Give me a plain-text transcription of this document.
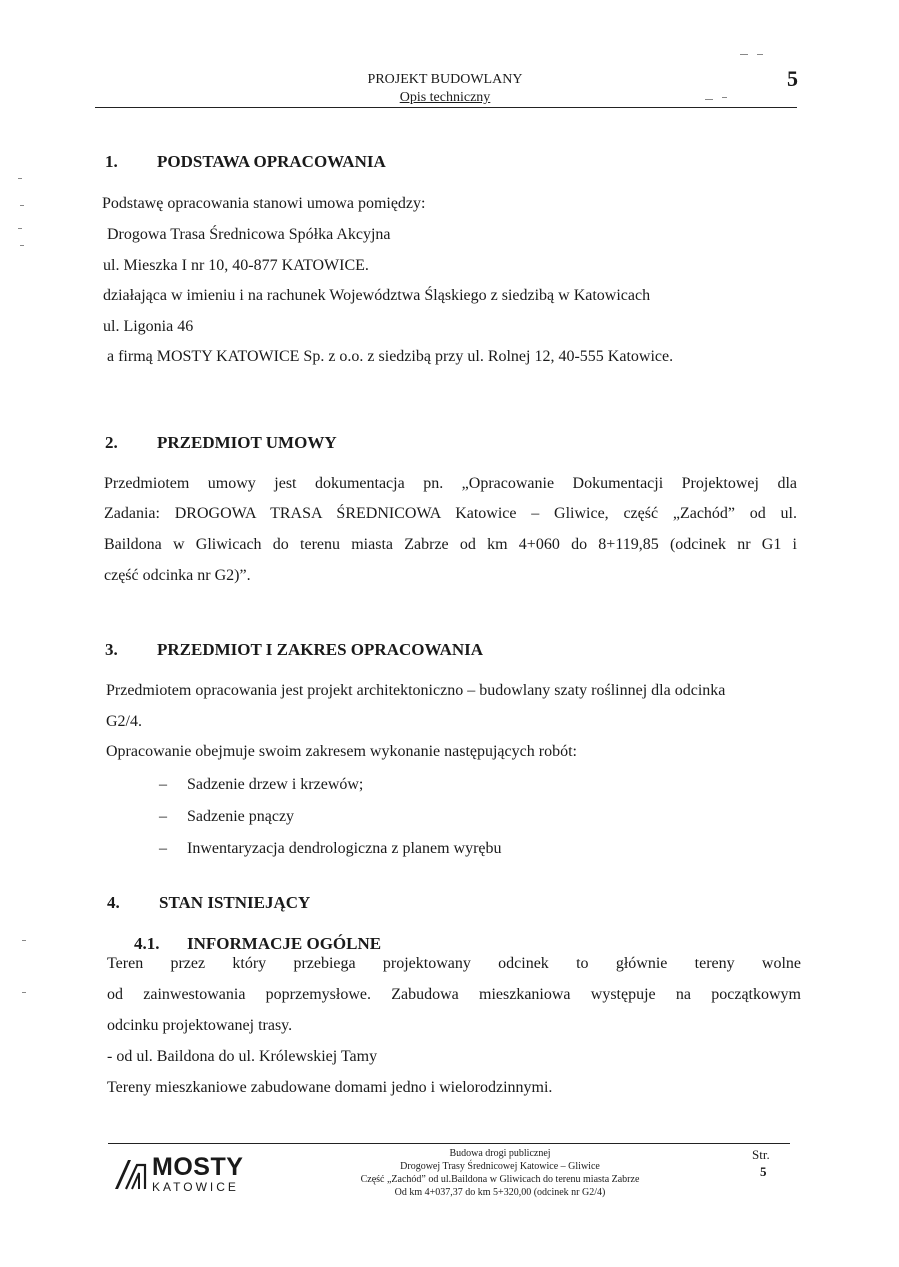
PROJEKT BUDOWLANY
Opis techniczny
5
1. PODSTAWA OPRACOWANIA
Podstawę opracowania stanowi umowa pomiędzy:
Drogowa Trasa Średnicowa Spółka Akcyjna
ul. Mieszka I nr 10, 40-877 KATOWICE.
działająca w imieniu i na rachunek Województwa Śląskiego z siedzibą w Katowicach
ul. Ligonia 46
a firmą MOSTY KATOWICE Sp. z o.o. z siedzibą przy ul. Rolnej 12, 40-555 Katowice.
2. PRZEDMIOT UMOWY
Przedmiotem umowy jest dokumentacja pn. „Opracowanie Dokumentacji Projektowej dla
Zadania: DROGOWA TRASA ŚREDNICOWA Katowice – Gliwice, część „Zachód” od ul.
Baildona w Gliwicach do terenu miasta Zabrze od km 4+060 do 8+119,85 (odcinek nr G1 i
część odcinka nr G2)”.
3. PRZEDMIOT I ZAKRES OPRACOWANIA
Przedmiotem opracowania jest projekt architektoniczno – budowlany szaty roślinnej dla odcinka
G2/4.
Opracowanie obejmuje swoim zakresem wykonanie następujących robót:
– Sadzenie drzew i krzewów;
– Sadzenie pnączy
– Inwentaryzacja dendrologiczna z planem wyrębu
4. STAN ISTNIEJĄCY
4.1. INFORMACJE OGÓLNE
Teren przez który przebiega projektowany odcinek to głównie tereny wolne
od zainwestowania poprzemysłowe. Zabudowa mieszkaniowa występuje na początkowym
odcinku projektowanej trasy.
- od ul. Baildona do ul. Królewskiej Tamy
Tereny mieszkaniowe zabudowane domami jedno i wielorodzinnymi.
MOSTY
KATOWICE
Budowa drogi publicznej
Drogowej Trasy Średnicowej Katowice – Gliwice
Część „Zachód” od ul.Baildona w Gliwicach do terenu miasta Zabrze
Od km 4+037,37 do km 5+320,00 (odcinek nr G2/4)
Str.
5
